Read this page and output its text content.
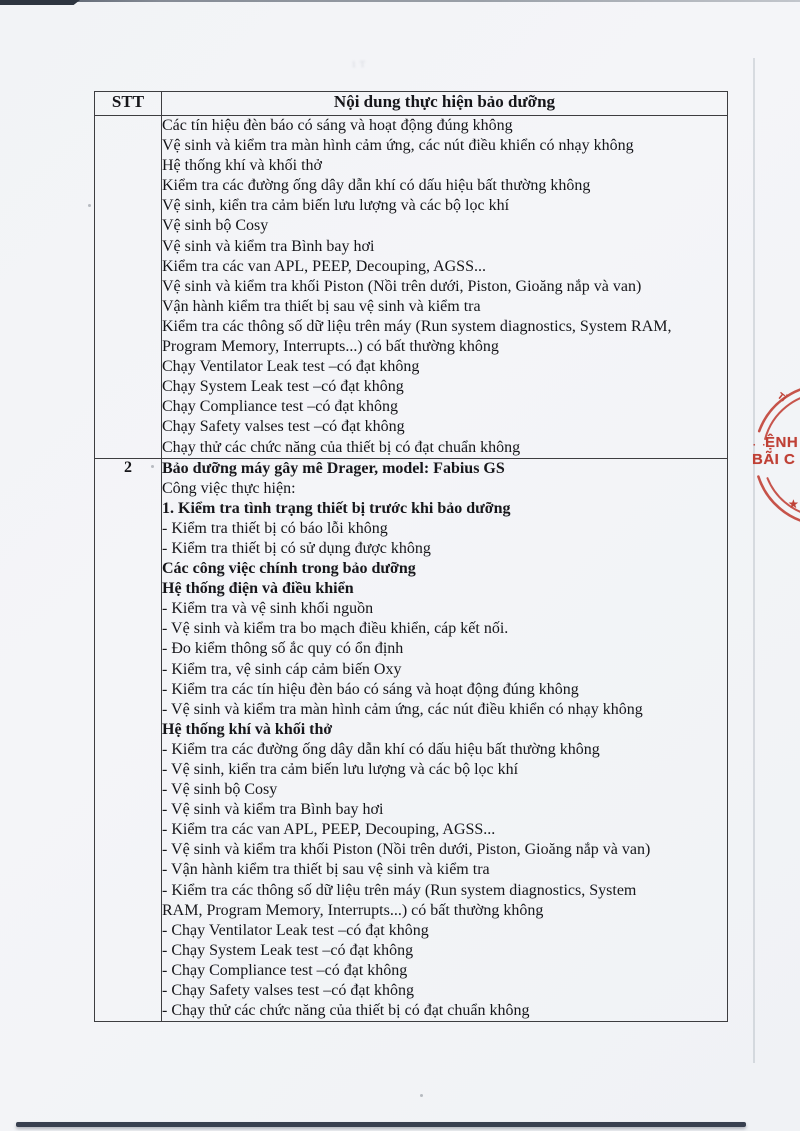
ıт
STT	Nội dung thực hiện bảo dưỡng

Các tín hiệu đèn báo có sáng và hoạt động đúng không
Vệ sinh và kiểm tra màn hình cảm ứng, các nút điều khiển có nhạy không
Hệ thống khí và khối thở
Kiểm tra các đường ống dây dẫn khí có dấu hiệu bất thường không
Vệ sinh, kiển tra cảm biến lưu lượng và các bộ lọc khí
Vệ sinh bộ Cosy
Vệ sinh và kiểm tra Bình bay hơi
Kiểm tra các van APL, PEEP, Decouping, AGSS...
Vệ sinh và kiểm tra khối Piston (Nồi trên dưới, Piston, Gioăng nắp và van)
Vận hành kiểm tra thiết bị sau vệ sinh và kiểm tra
Kiểm tra các thông số dữ liệu trên máy (Run system diagnostics, System RAM,
Program Memory, Interrupts...) có bất thường không
Chạy Ventilator Leak test –có đạt không
Chạy System Leak test –có đạt không
Chạy Compliance test –có đạt không
Chạy Safety valses test –có đạt không
Chạy thử các chức năng của thiết bị có đạt chuẩn không

2	Bảo dưỡng máy gây mê Drager, model: Fabius GS
Công việc thực hiện:
1. Kiểm tra tình trạng thiết bị trước khi bảo dưỡng
- Kiểm tra thiết bị có báo lỗi không
- Kiểm tra thiết bị có sử dụng được không
Các công việc chính trong bảo dưỡng
Hệ thống điện và điều khiển
- Kiểm tra và vệ sinh khối nguồn
- Vệ sinh và kiểm tra bo mạch điều khiển, cáp kết nối.
- Đo kiểm thông số ắc quy có ổn định
- Kiểm tra, vệ sinh cáp cảm biến Oxy
- Kiểm tra các tín hiệu đèn báo có sáng và hoạt động đúng không
- Vệ sinh và kiểm tra màn hình cảm ứng, các nút điều khiển có nhạy không
Hệ thống khí và khối thở
- Kiểm tra các đường ống dây dẫn khí có dấu hiệu bất thường không
- Vệ sinh, kiển tra cảm biến lưu lượng và các bộ lọc khí
- Vệ sinh bộ Cosy
- Vệ sinh và kiểm tra Bình bay hơi
- Kiểm tra các van APL, PEEP, Decouping, AGSS...
- Vệ sinh và kiểm tra khối Piston (Nồi trên dưới, Piston, Gioăng nắp và van)
- Vận hành kiểm tra thiết bị sau vệ sinh và kiểm tra
- Kiểm tra các thông số dữ liệu trên máy (Run system diagnostics, System
RAM, Program Memory, Interrupts...) có bất thường không
- Chạy Ventilator Leak test –có đạt không
- Chạy System Leak test –có đạt không
- Chạy Compliance test –có đạt không
- Chạy Safety valses test –có đạt không
- Chạy thử các chức năng của thiết bị có đạt chuẩn không
TỈ
· ·
ỆNH
BÃI C
★
